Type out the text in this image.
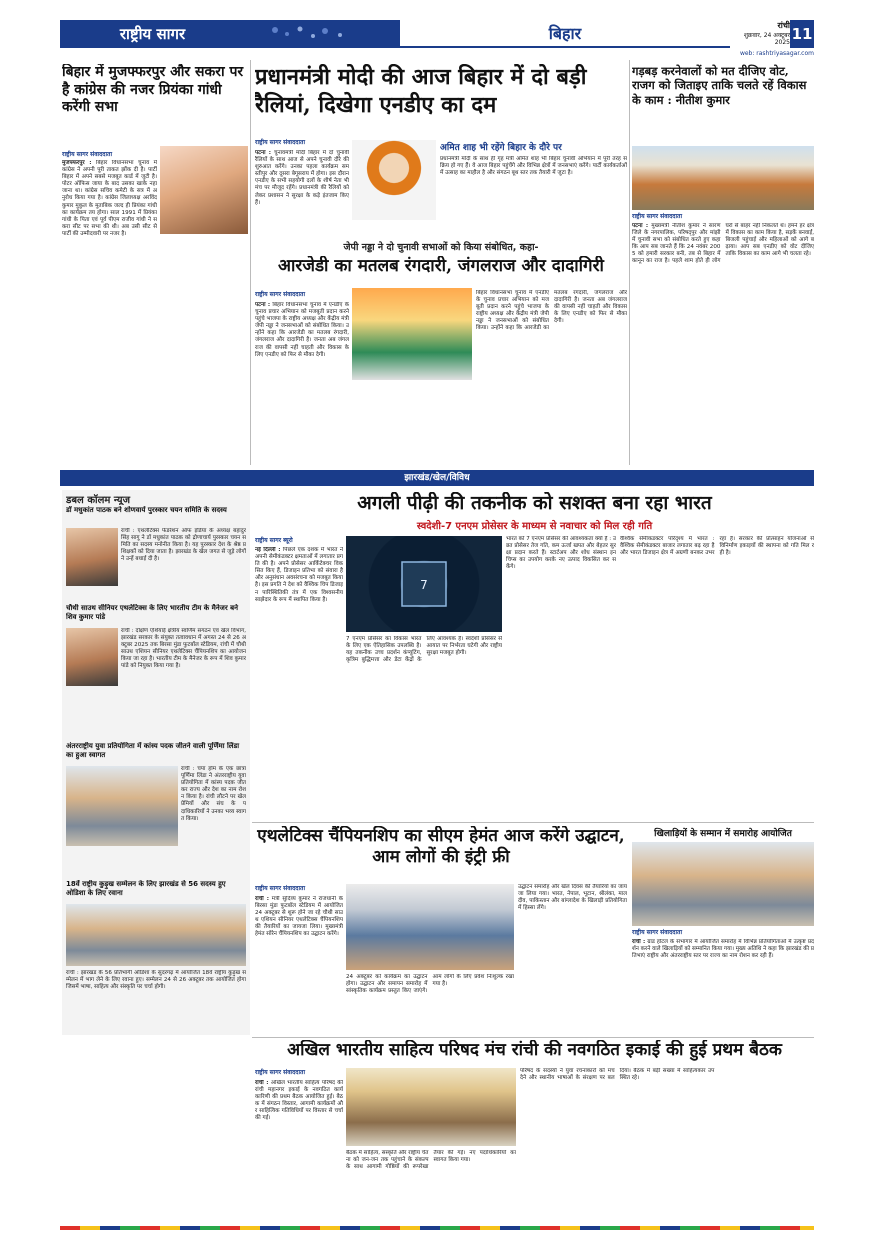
राष्ट्रीय सागर	बिहार	रांची
शुक्रवार, 24 अक्टूबर 2025 11
web: rashtriyasagar.com
बिहार में मुजफ्फरपुर और सकरा पर है कांग्रेस की नजर प्रियंका गांधी करेंगी सभा
राष्ट्रीय सागर संवाददाता
मुजफ्फरपुर : बिहार विधानसभा चुनाव में कांग्रेस ने अपनी पूरी ताकत झोंक दी है। पार्टी बिहार में अपने सबसे मजबूत कार्ड में जुटी है। पोटर ऑफिस जाया के बाद उसका खाके नहा जाना था। कांग्रेस सचिव कमेटी के सत्र में अनुरोध किया गया है। कांग्रेस जिलाध्यक्ष अरविंद कुमार मुकुल के मुताबिक जल्द ही प्रियंका गांधी का कार्यक्रम तय होगा। साल 1991 में प्रियंका गांधी के पिता एवं पूर्व पीएम राजीव गांधी ने सकरा सीट पर सभा की थी। अब उसी सीट से पार्टी की उम्मीदवारी पर नजर है।
प्रधानमंत्री मोदी की आज बिहार में दो बड़ी रैलियां, दिखेगा एनडीए का दम
राष्ट्रीय सागर संवाददाता
अमित शाह भी रहेंगे बिहार के दौरे पर
प्रधानमंत्री मोदी के साथ ही गृह मंत्री अमित शाह भी बिहार चुनावी अभियान में पूरी तरह सक्रिय हो गए हैं। वे आज बिहार पहुंचेंगे और विभिन्न क्षेत्रों में जनसभाएं करेंगे। पार्टी कार्यकर्ताओं में उत्साह का माहौल है और संगठन बूथ स्तर तक तैयारी में जुटा है।
पटना : चुनावमंत्री मोदी बिहार में दो चुनावी रैलियों के साथ आज से अपने चुनावी दौरे की शुरुआत करेंगे। उनका पहला कार्यक्रम समस्तीपुर और दूसरा बेगूसराय में होगा। इस दौरान एनडीए के सभी सहयोगी दलों के शीर्ष नेता भी मंच पर मौजूद रहेंगे। प्रधानमंत्री की रैलियों को लेकर प्रशासन ने सुरक्षा के कड़े इंतजाम किए हैं।
गड़बड़ करनेवालों को मत दीजिए वोट, राजग को जिताइए ताकि चलते रहें विकास के काम : नीतीश कुमार
राष्ट्रीय सागर संवाददाता
पटना : मुख्यमंत्री नीतीश कुमार ने सारण जिले के नगरपालिक, परिषद्पुर और मांझी में चुनावी सभा को संबोधित करते हुए कहा कि आप सब जानते हैं कि 24 नवंबर 2005 को हमारी सरकार बनी, तब से बिहार में कानून का राज है। पहले शाम होते ही लोग घरों से बाहर नहीं निकलते थे। हमने हर क्षेत्र में विकास का काम किया है, सड़कें बनवाईं, बिजली पहुंचाई और महिलाओं को आगे बढ़ाया। आप सब एनडीए को वोट दीजिए ताकि विकास का काम आगे भी चलता रहे।
जेपी नड्डा ने दो चुनावी सभाओं को किया संबोधित, कहा-
आरजेडी का मतलब रंगदारी, जंगलराज और दादागिरी
राष्ट्रीय सागर संवाददाता
पटना : बिहार विधानसभा चुनाव में एनडीए के चुनाव प्रचार अभियान को मजबूती प्रदान करने पहुंचे भाजपा के राष्ट्रीय अध्यक्ष और केंद्रीय मंत्री जेपी नड्डा ने जनसभाओं को संबोधित किया। उन्होंने कहा कि आरजेडी का मतलब रंगदारी, जंगलराज और दादागिरी है। जनता अब जंगलराज की वापसी नहीं चाहती और विकास के लिए एनडीए को फिर से मौका देगी।
बिहार विधानसभा चुनाव में एनडीए के चुनाव प्रचार अभियान को मजबूती प्रदान करने पहुंचे भाजपा के राष्ट्रीय अध्यक्ष और केंद्रीय मंत्री जेपी नड्डा ने जनसभाओं को संबोधित किया। उन्होंने कहा कि आरजेडी का मतलब रंगदारी, जंगलराज और दादागिरी है। जनता अब जंगलराज की वापसी नहीं चाहती और विकास के लिए एनडीए को फिर से मौका देगी।
झारखंड/खेल/विविध
डबल कॉलम न्यूज
डॉ मधुकांत पाठक बने शोणवार्य पुरस्कार चयन समिति के सदस्य
रांची : एथलेटिक्स फेडरेशन ऑफ इंडिया के अध्यक्ष बहादुर सिंह सागू ने डॉ मधुकांत पाठक को द्रोणाचार्य पुरस्कार चयन समिति का सदस्य मनोनीत किया है। यह पुरस्कार देश के श्रेष्ठ प्रशिक्षकों को दिया जाता है। झारखंड के खेल जगत से जुड़े लोगों ने उन्हें बधाई दी है।
चौथी साउथ सीनियर एथलेटिक्स के लिए भारतीय टीम के मैनेजर बने शिव कुमार पांडे
रांची : दक्षिण एशियाई क्षेत्रीय स्वर्णिम संगठन एवं खेल विभाग, झारखंड सरकार के संयुक्त तत्वावधान में अगस्त 24 से 26 अक्टूबर 2025 तक बिरसा मुंडा फुटबॉल स्टेडियम, रांची में चौथी साउथ एशियन सीनियर एथलेटिक्स चैंपियनशिप का आयोजन किया जा रहा है। भारतीय टीम के मैनेजर के रूप में शिव कुमार पांडे को नियुक्त किया गया है।
अंतरराष्ट्रीय युवा प्रतियोगिता में कांस्य पदक जीतने वाली पूर्णिमा लिंडा का हुआ स्वागत
रांची : चंपा होम के एक छात्रा पूर्णिमा लिंडा ने अंतरराष्ट्रीय युवा प्रतियोगिता में कांस्य पदक जीतकर राज्य और देश का नाम रोशन किया है। रांची लौटने पर खेल प्रेमियों और संघ के पदाधिकारियों ने उनका भव्य स्वागत किया।
18वें राष्ट्रीय कुड़ुख सम्मेलन के लिए झारखंड से 56 सदस्य हुए ओडिशा के लिए रवाना
रांची : झारखंड के 56 प्रतिभागी ओडिशा के सुंदरगढ़ में आयोजित 18वें राष्ट्रीय कुड़ुख सम्मेलन में भाग लेने के लिए रवाना हुए। सम्मेलन 24 से 26 अक्टूबर तक आयोजित होगा जिसमें भाषा, साहित्य और संस्कृति पर चर्चा होगी।
अगली पीढ़ी की तकनीक को सशक्त बना रहा भारत
स्वदेशी-7 एनएम प्रोसेसर के माध्यम से नवाचार को मिल रही गति
राष्ट्रीय सागर ब्यूरो
7
नई दिल्ली : पिछले एक दशक में भारत ने अपनी सेमीकंडक्टर क्षमताओं में लगातार प्रगति की है। अपने प्रोसेसर आर्किटेक्चर विकसित किए हैं, डिजाइन प्रतिभा को संवारा है और अनुसंधान अवसंरचना को मजबूत किया है। इस प्रगति ने देश को वैश्विक चिप डिजाइन पारिस्थितिकी तंत्र में एक विश्वसनीय साझेदार के रूप में स्थापित किया है।
7 एनएम प्रोसेसर का विकास भारत के लिए एक ऐतिहासिक उपलब्धि है। यह तकनीक उच्च प्रदर्शन कंप्यूटिंग, कृत्रिम बुद्धिमत्ता और डेटा केंद्रों के लिए आवश्यक है। स्वदेशी प्रोसेसर से आयात पर निर्भरता घटेगी और राष्ट्रीय सुरक्षा मजबूत होगी।
भारत को 7 एनएम प्रोसेसर की आवश्यकता क्यों है : उन्नत प्रोसेसर तेज गति, कम ऊर्जा खपत और बेहतर सुरक्षा प्रदान करते हैं। स्टार्टअप और शोध संस्थान इन चिप्स का उपयोग करके नए उत्पाद विकसित कर सकेंगे।
वैश्विक सेमीकंडक्टर परिदृश्य में भारत : वैश्विक सेमीकंडक्टर बाजार लगातार बढ़ रहा है और भारत डिजाइन क्षेत्र में अग्रणी बनकर उभर रहा है। सरकार की प्रोत्साहन योजनाओं से विनिर्माण इकाइयों की स्थापना को गति मिल रही है।
एथलेटिक्स चैंपियनशिप का सीएम हेमंत आज करेंगे उद्घाटन, आम लोगों की इंट्री फ्री
राष्ट्रीय सागर संवाददाता
रांची : मंत्री सुदिव्य कुमार ने राजधानी के बिरसा मुंडा फुटबॉल स्टेडियम में आयोजित 24 अक्टूबर से शुरू होने जा रहे चौथी साउथ एशियन सीनियर एथलेटिक्स चैंपियनशिप की तैयारियों का जायजा लिया। मुख्यमंत्री हेमंत सोरेन चैंपियनशिप का उद्घाटन करेंगे।
24 अक्टूबर को कार्यक्रम का उद्घाटन होगा। उद्घाटन और समापन समारोह में सांस्कृतिक कार्यक्रम प्रस्तुत किए जाएंगे। आम लोगों के लिए प्रवेश निःशुल्क रखा गया है।
उद्घाटन समारोह और खेल दिवस की तैयारियों का जायजा लिया गया। भारत, नेपाल, भूटान, श्रीलंका, मालदीव, पाकिस्तान और बांग्लादेश के खिलाड़ी प्रतियोगिता में हिस्सा लेंगे।
खिलाड़ियों के सम्मान में समारोह आयोजित
राष्ट्रीय सागर संवाददाता
रांची : ग्रांड होटल के सभागार में आयोजित समारोह में विभिन्न प्रतियोगिताओं में उत्कृष्ट प्रदर्शन करने वाले खिलाड़ियों को सम्मानित किया गया। मुख्य अतिथि ने कहा कि झारखंड की प्रतिभाएं राष्ट्रीय और अंतरराष्ट्रीय स्तर पर राज्य का नाम रोशन कर रही हैं।
अखिल भारतीय साहित्य परिषद मंच रांची की नवगठित इकाई की हुई प्रथम बैठक
राष्ट्रीय सागर संवाददाता
रांची : अखिल भारतीय साहित्य परिषद की रांची महानगर इकाई के नवगठित कार्यकारिणी की प्रथम बैठक आयोजित हुई। बैठक में संगठन विस्तार, आगामी कार्यक्रमों और साहित्यिक गतिविधियों पर विस्तार से चर्चा की गई।
बैठक में साहित्य, संस्कृति और राष्ट्रीय चेतना को जन-जन तक पहुंचाने के संकल्प के साथ आगामी गोष्ठियों की रूपरेखा तैयार की गई। नए पदाधिकारियों का स्वागत किया गया।
परिषद के सदस्यों ने युवा रचनाकारों को मंच देने और स्थानीय भाषाओं के संरक्षण पर बल दिया। बैठक में बड़ी संख्या में साहित्यकार उपस्थित रहे।
